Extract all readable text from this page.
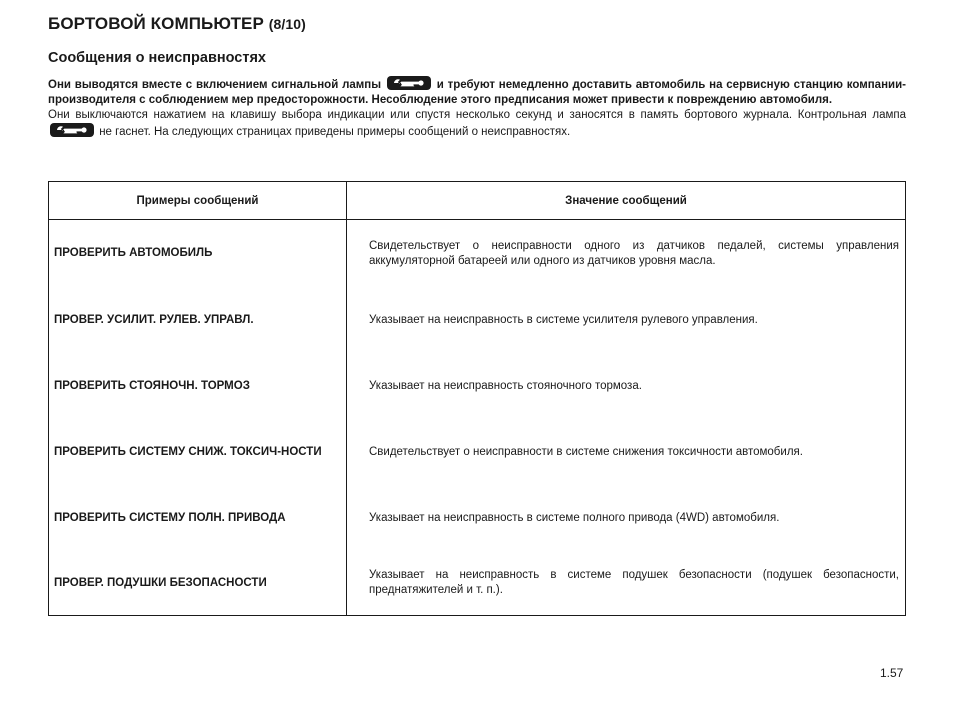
БОРТОВОЙ КОМПЬЮТЕР (8/10)
Сообщения о неисправностях

Они выводятся вместе с включением сигнальной лампы	и требуют немедленно доставить автомобиль на сервисную станцию компании-производителя с соблюдением мер предосторожности. Несоблюдение этого предписания может привести к повреждению автомобиля.

Они выключаются нажатием на клавишу выбора индикации или спустя несколько секунд и заносятся в память бортового журнала. Контрольная лампа
не гаснет. На следующих страницах приведены примеры сообщений о неисправностях.

Примеры сообщений	Значение сообщений
ПРОВЕРИТЬ АВТОМОБИЛЬ	Свидетельствует о неисправности одного из датчиков педалей, системы управления аккумуляторной батареей или одного из датчиков уровня масла.
ПРОВЕР. УСИЛИТ. РУЛЕВ. УПРАВЛ.	Указывает на неисправность в системе усилителя рулевого управления.
ПРОВЕРИТЬ СТОЯНОЧН. ТОРМОЗ	Указывает на неисправность стояночного тормоза.
ПРОВЕРИТЬ СИСТЕМУ СНИЖ. ТОКСИЧ-НОСТИ	Свидетельствует о неисправности в системе снижения токсичности автомобиля.
ПРОВЕРИТЬ СИСТЕМУ ПОЛН. ПРИВОДА	Указывает на неисправность в системе полного привода (4WD) автомобиля.
ПРОВЕР. ПОДУШКИ БЕЗОПАСНОСТИ	Указывает на неисправность в системе подушек безопасности (подушек безопасности, преднатяжителей и т. п.).
1.57
